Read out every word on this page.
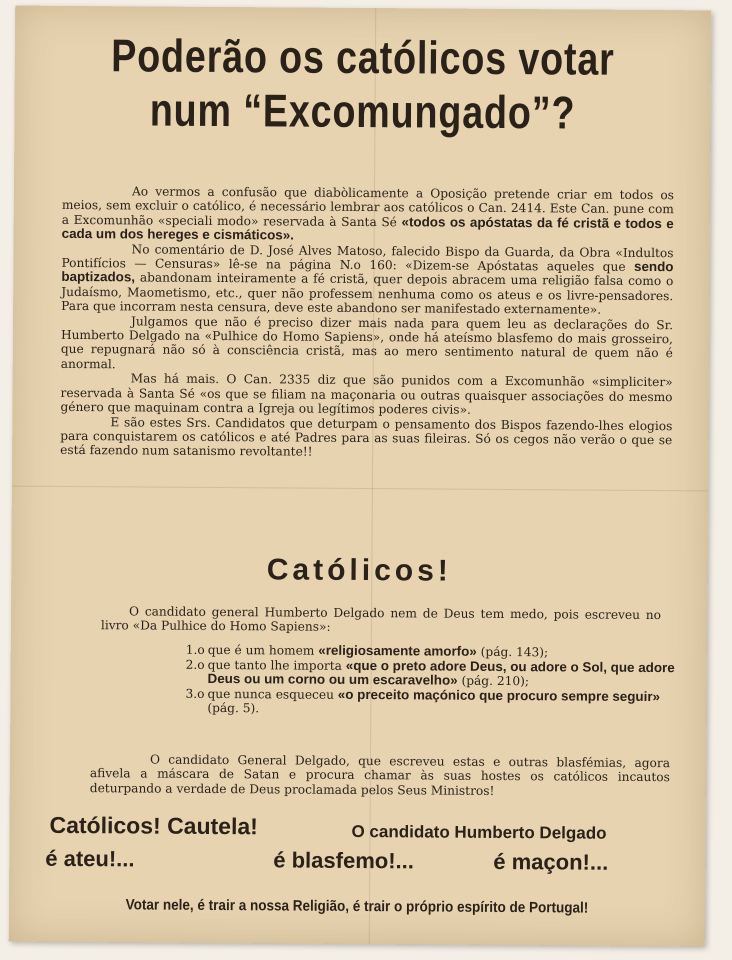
Poderão os católicos votar
num “Excomungado”?

Ao vermos a confusão que diabòlicamente a Oposição pretende criar em todos os meios, sem excluir o católico, é necessário lembrar aos católicos o Can. 2414. Este Can. pune com a Excomunhão «speciali modo» reservada à Santa Sé «todos os apóstatas da fé cristã e todos e cada um dos hereges e cismáticos».

No comentário de D. José Alves Matoso, falecido Bispo da Guarda, da Obra «Indultos Pontifícios — Censuras» lê-se na página N.o 160: «Dizem-se Apóstatas aqueles que sendo baptizados, abandonam inteiramente a fé cristã, quer depois abracem uma religião falsa como o Judaísmo, Maometismo, etc., quer não professem nenhuma como os ateus e os livre-pensadores. Para que incorram nesta censura, deve este abandono ser manifestado externamente».

Julgamos que não é preciso dizer mais nada para quem leu as declarações do Sr. Humberto Delgado na «Pulhice do Homo Sapiens», onde há ateísmo blasfemo do mais grosseiro, que repugnará não só à consciência cristã, mas ao mero sentimento natural de quem não é anormal.

Mas há mais. O Can. 2335 diz que são punidos com a Excomunhão «simpliciter» reservada à Santa Sé «os que se filiam na maçonaria ou outras quaisquer associações do mesmo género que maquinam contra a Igreja ou legítimos poderes civis».

E são estes Srs. Candidatos que deturpam o pensamento dos Bispos fazendo-lhes elogios para conquistarem os católicos e até Padres para as suas fileiras. Só os cegos não verão o que se está fazendo num satanismo revoltante!!

Católicos!

O candidato general Humberto Delgado nem de Deus tem medo, pois escreveu no livro «Da Pulhice do Homo Sapiens»:

1.o que é um homem «religiosamente amorfo» (pág. 143);
2.o que tanto lhe importa «que o preto adore Deus, ou adore o Sol, que adore Deus ou um corno ou um escaravelho» (pág. 210);
3.o que nunca esqueceu «o preceito maçónico que procuro sempre seguir» (pág. 5).

O candidato General Delgado, que escreveu estas e outras blasfémias, agora afivela a máscara de Satan e procura chamar às suas hostes os católicos incautos deturpando a verdade de Deus proclamada pelos Seus Ministros!

Católicos! Cautela!	O candidato Humberto Delgado
é ateu!...	é blasfemo!...	é maçon!...
Votar nele, é trair a nossa Religião, é trair o próprio espírito de Portugal!
